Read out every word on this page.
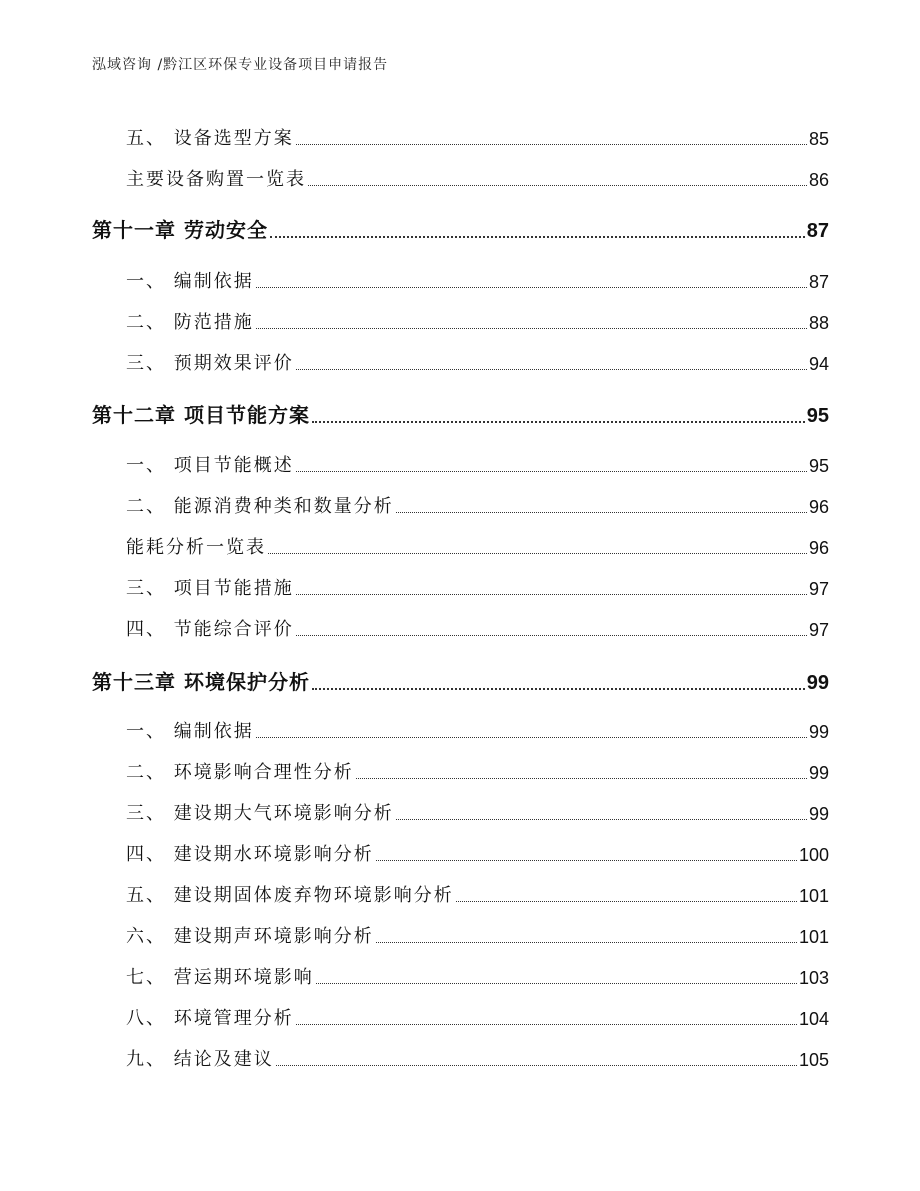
泓域咨询 /黔江区环保专业设备项目申请报告
五、 设备选型方案	85
主要设备购置一览表	86
第十一章 劳动安全	87
一、 编制依据	87
二、 防范措施	88
三、 预期效果评价	94
第十二章 项目节能方案	95
一、 项目节能概述	95
二、 能源消费种类和数量分析	96
能耗分析一览表	96
三、 项目节能措施	97
四、 节能综合评价	97
第十三章 环境保护分析	99
一、 编制依据	99
二、 环境影响合理性分析	99
三、 建设期大气环境影响分析	99
四、 建设期水环境影响分析	100
五、 建设期固体废弃物环境影响分析	101
六、 建设期声环境影响分析	101
七、 营运期环境影响	103
八、 环境管理分析	104
九、 结论及建议	105
